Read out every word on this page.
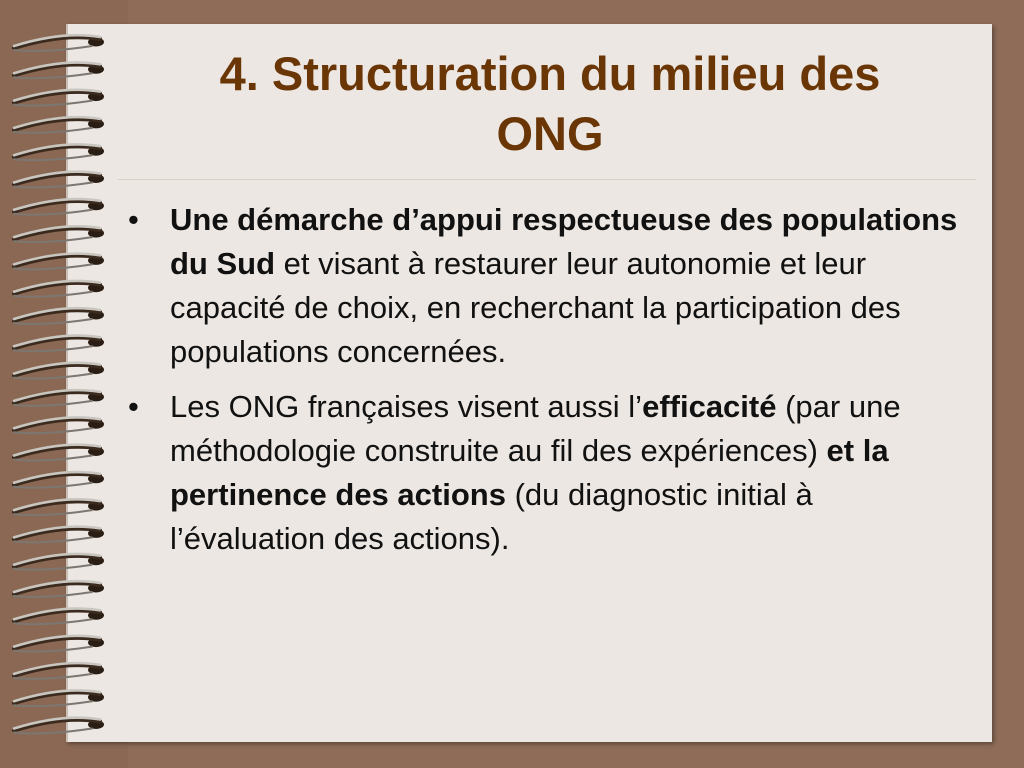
4. Structuration du milieu des
ONG
• Une démarche d’appui respectueuse des populations du Sud et visant à restaurer leur autonomie et leur capacité de choix, en recherchant la participation des populations concernées.
• Les ONG françaises visent aussi l’efficacité (par une méthodologie construite au fil des expériences) et la pertinence des actions (du diagnostic initial à l’évaluation des actions).
